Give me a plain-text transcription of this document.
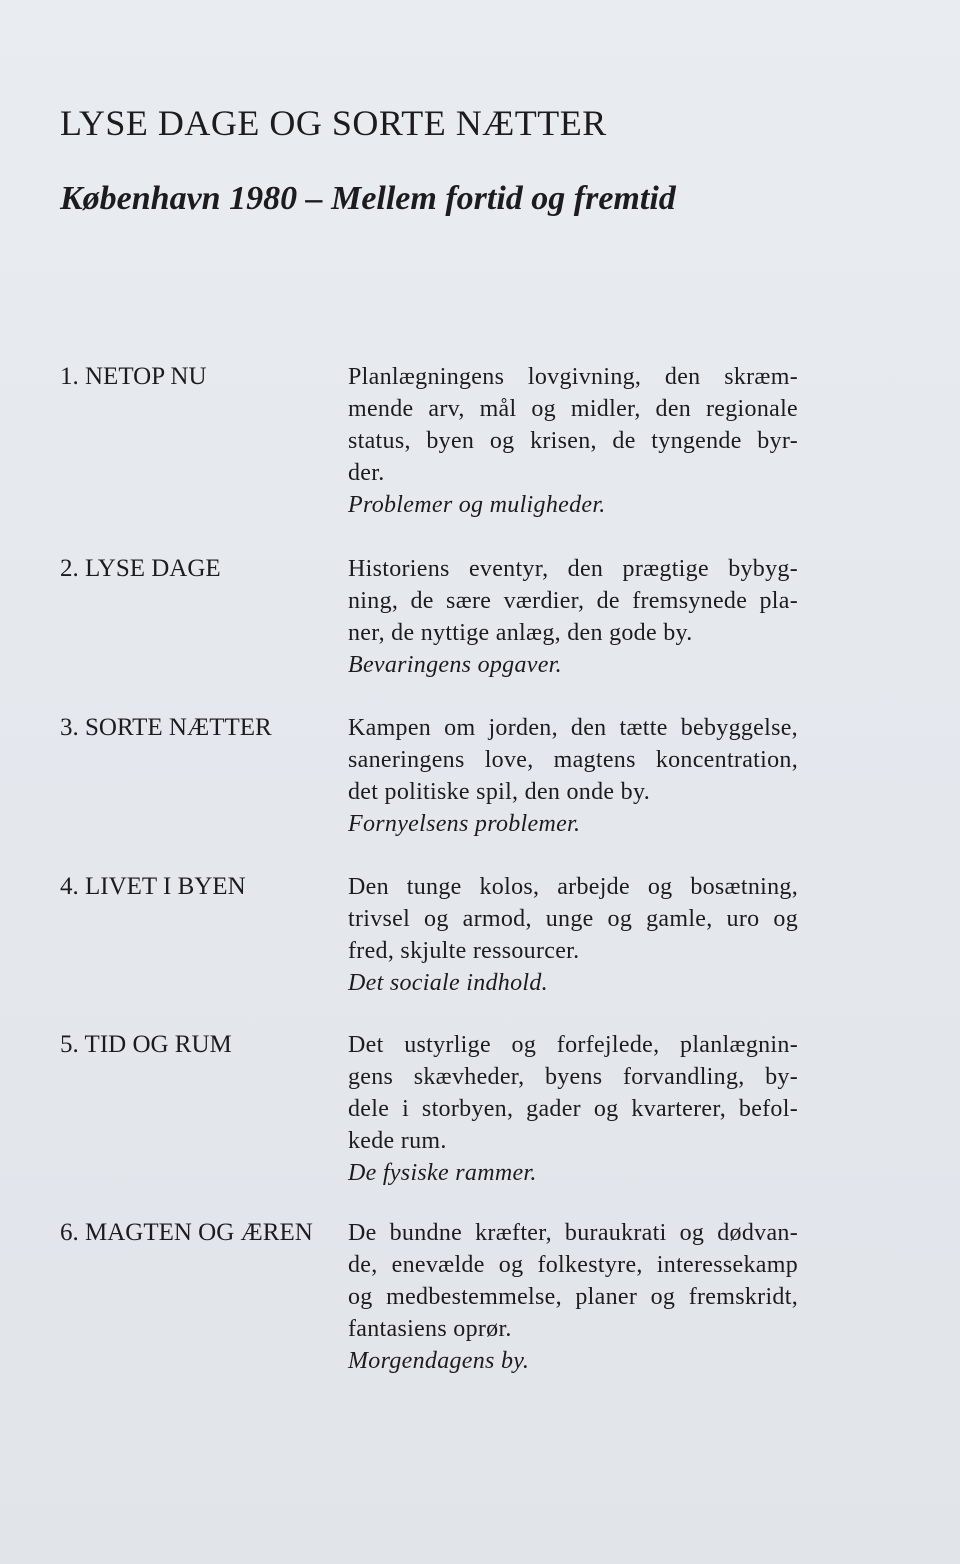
LYSE DAGE OG SORTE NÆTTER
København 1980 – Mellem fortid og fremtid
1. NETOP NU	Planlægningens lovgivning, den skræm-
mende arv, mål og midler, den regionale
status, byen og krisen, de tyngende byr-
der.
Problemer og muligheder.
2. LYSE DAGE	Historiens eventyr, den prægtige bybyg-
ning, de sære værdier, de fremsynede pla-
ner, de nyttige anlæg, den gode by.
Bevaringens opgaver.
3. SORTE NÆTTER	Kampen om jorden, den tætte bebyggelse,
saneringens love, magtens koncentration,
det politiske spil, den onde by.
Fornyelsens problemer.
4. LIVET I BYEN	Den tunge kolos, arbejde og bosætning,
trivsel og armod, unge og gamle, uro og
fred, skjulte ressourcer.
Det sociale indhold.
5. TID OG RUM	Det ustyrlige og forfejlede, planlægnin-
gens skævheder, byens forvandling, by-
dele i storbyen, gader og kvarterer, befol-
kede rum.
De fysiske rammer.
6. MAGTEN OG ÆREN	De bundne kræfter, buraukrati og dødvan-
de, enevælde og folkestyre, interessekamp
og medbestemmelse, planer og fremskridt,
fantasiens oprør.
Morgendagens by.
